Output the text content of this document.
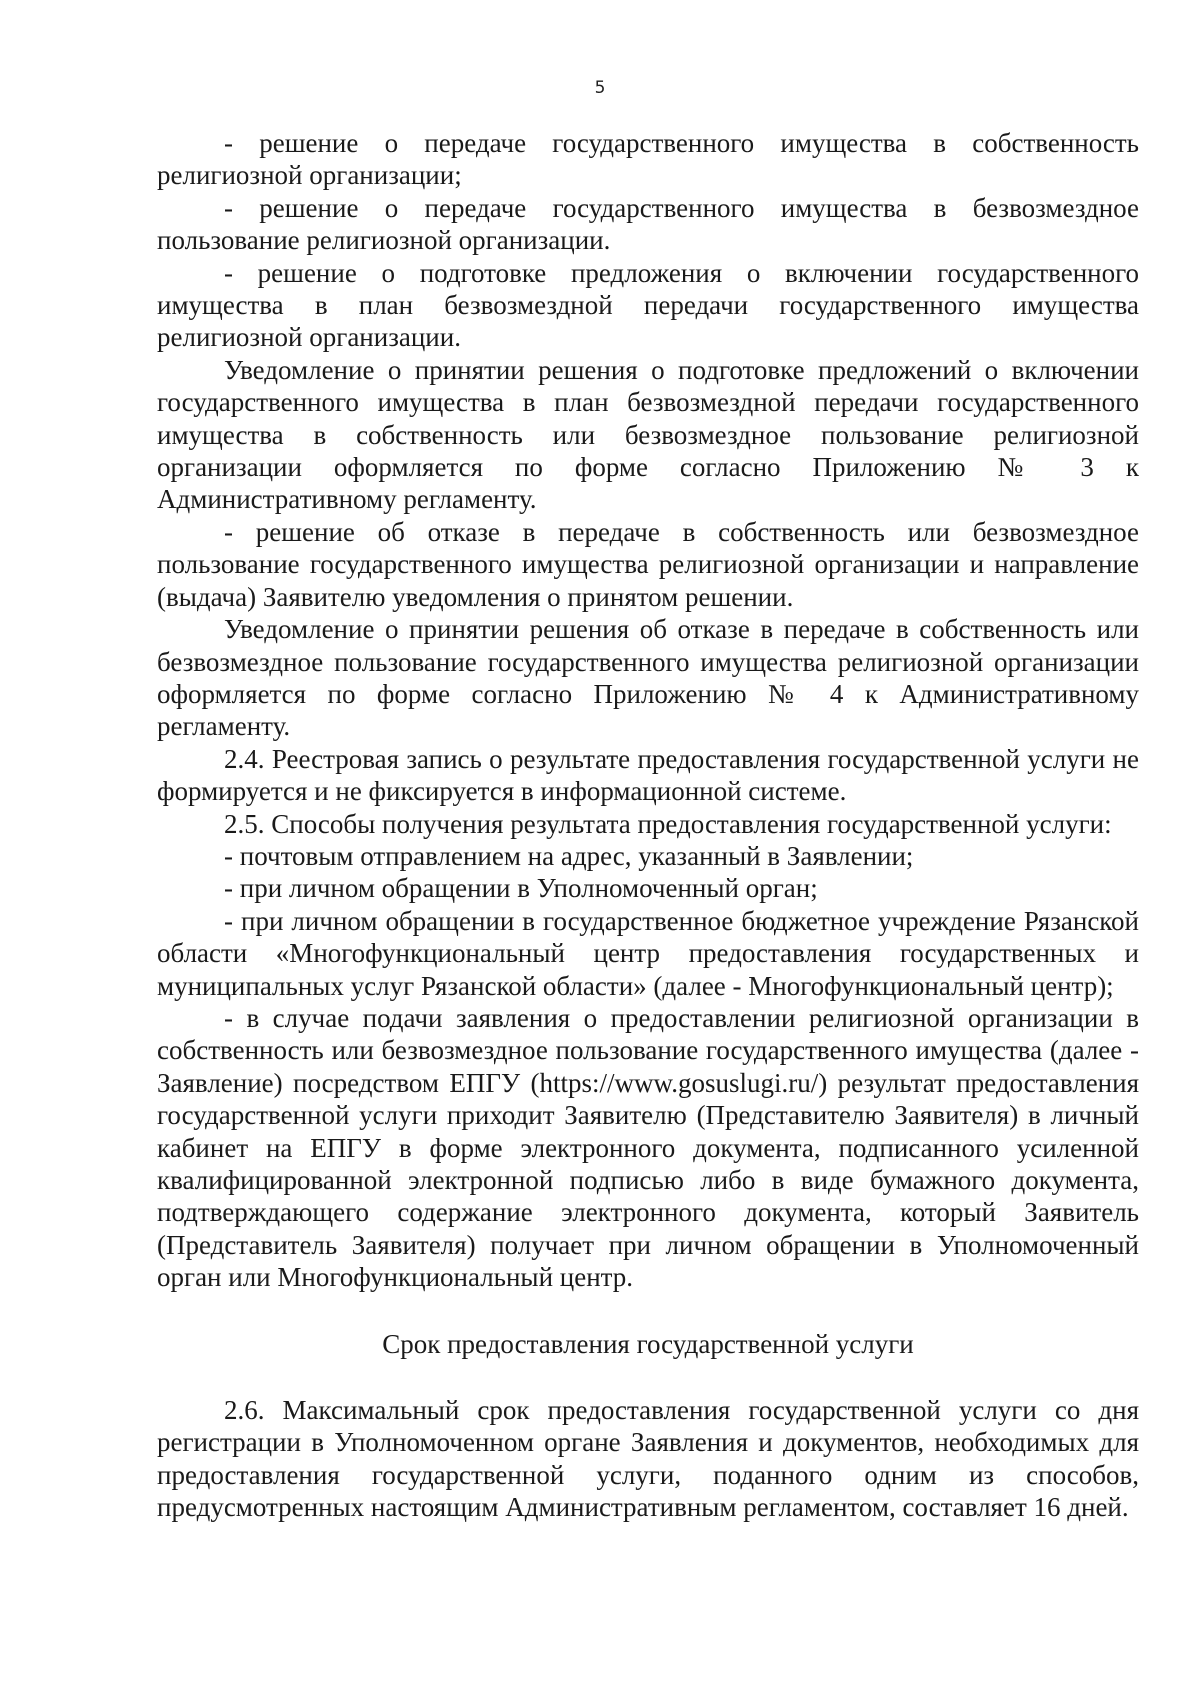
5

- решение о передаче государственного имущества в собственность религиозной организации;

- решение о передаче государственного имущества в безвозмездное пользование религиозной организации.

- решение о подготовке предложения о включении государственного имущества в план безвозмездной передачи государственного имущества религиозной организации.

Уведомление о принятии решения о подготовке предложений о включении государственного имущества в план безвозмездной передачи государственного имущества в собственность или безвозмездное пользование религиозной организации оформляется по форме согласно Приложению № 3 к Административному регламенту.

- решение об отказе в передаче в собственность или безвозмездное пользование государственного имущества религиозной организации и направление (выдача) Заявителю уведомления о принятом решении.

Уведомление о принятии решения об отказе в передаче в собственность или безвозмездное пользование государственного имущества религиозной организации оформляется по форме согласно Приложению № 4 к Административному регламенту.

2.4. Реестровая запись о результате предоставления государственной услуги не формируется и не фиксируется в информационной системе.

2.5. Способы получения результата предоставления государственной услуги:

- почтовым отправлением на адрес, указанный в Заявлении;

- при личном обращении в Уполномоченный орган;

- при личном обращении в государственное бюджетное учреждение Рязанской области «Многофункциональный центр предоставления государственных и муниципальных услуг Рязанской области» (далее - Многофункциональный центр);

- в случае подачи заявления о предоставлении религиозной организации в собственность или безвозмездное пользование государственного имущества (далее - Заявление) посредством ЕПГУ (https://www.gosuslugi.ru/) результат предоставления государственной услуги приходит Заявителю (Представителю Заявителя) в личный кабинет на ЕПГУ в форме электронного документа, подписанного усиленной квалифицированной электронной подписью либо в виде бумажного документа, подтверждающего содержание электронного документа, который Заявитель (Представитель Заявителя) получает при личном обращении в Уполномоченный орган или Многофункциональный центр.

Срок предоставления государственной услуги

2.6. Максимальный срок предоставления государственной услуги со дня регистрации в Уполномоченном органе Заявления и документов, необходимых для предоставления государственной услуги, поданного одним из способов, предусмотренных настоящим Административным регламентом, составляет 16 дней.
